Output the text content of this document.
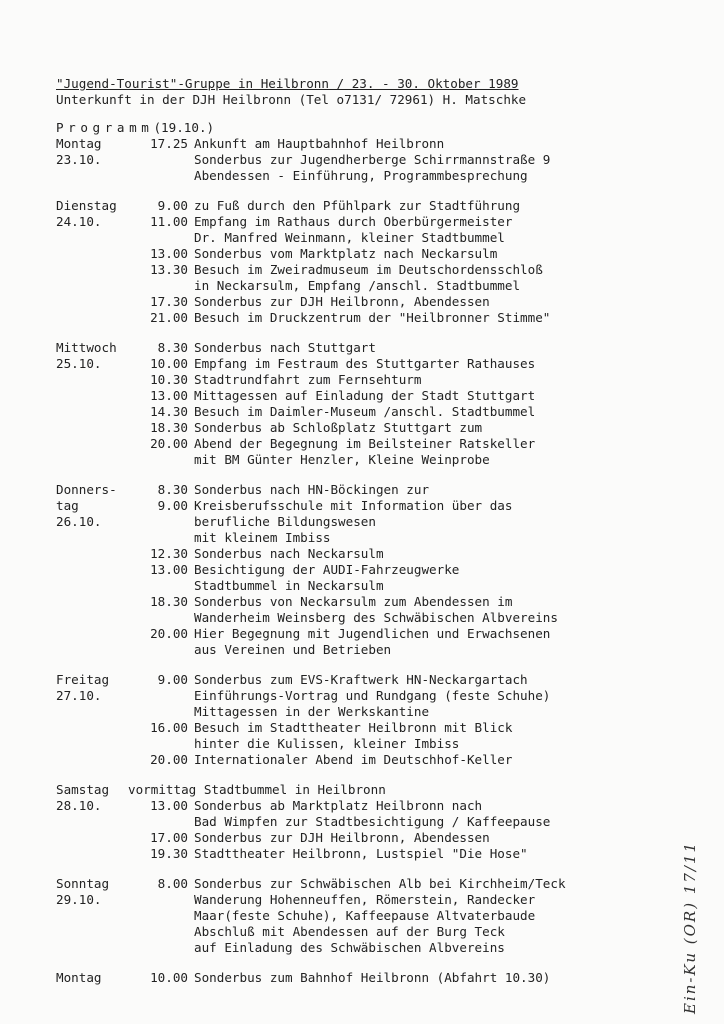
"Jugend-Tourist"-Gruppe in Heilbronn / 23. - 30. Oktober 1989
Unterkunft in der DJH Heilbronn (Tel o7131/ 72961) H. Matschke
Programm(19.10.)
Montag	17.25 Ankunft am Hauptbahnhof Heilbronn
23.10.	Sonderbus zur Jugendherberge Schirrmannstraße 9
Abendessen - Einführung, Programmbesprechung
Dienstag	9.00 zu Fuß durch den Pfühlpark zur Stadtführung
24.10.	11.00 Empfang im Rathaus durch Oberbürgermeister
Dr. Manfred Weinmann, kleiner Stadtbummel
13.00 Sonderbus vom Marktplatz nach Neckarsulm
13.30 Besuch im Zweiradmuseum im Deutschordensschloß
in Neckarsulm, Empfang /anschl. Stadtbummel
17.30 Sonderbus zur DJH Heilbronn, Abendessen
21.00 Besuch im Druckzentrum der "Heilbronner Stimme"
Mittwoch	8.30 Sonderbus nach Stuttgart
25.10.	10.00 Empfang im Festraum des Stuttgarter Rathauses
10.30 Stadtrundfahrt zum Fernsehturm
13.00 Mittagessen auf Einladung der Stadt Stuttgart
14.30 Besuch im Daimler-Museum /anschl. Stadtbummel
18.30 Sonderbus ab Schloßplatz Stuttgart zum
20.00 Abend der Begegnung im Beilsteiner Ratskeller
mit BM Günter Henzler, Kleine Weinprobe
Donners-	8.30 Sonderbus nach HN-Böckingen zur
tag	9.00 Kreisberufsschule mit Information über das
26.10.	berufliche Bildungswesen
mit kleinem Imbiss
12.30 Sonderbus nach Neckarsulm
13.00 Besichtigung der AUDI-Fahrzeugwerke
Stadtbummel in Neckarsulm
18.30 Sonderbus von Neckarsulm zum Abendessen im
Wanderheim Weinsberg des Schwäbischen Albvereins
20.00 Hier Begegnung mit Jugendlichen und Erwachsenen
aus Vereinen und Betrieben
Freitag	9.00 Sonderbus zum EVS-Kraftwerk HN-Neckargartach
27.10.	Einführungs-Vortrag und Rundgang (feste Schuhe)
Mittagessen in der Werkskantine
16.00 Besuch im Stadttheater Heilbronn mit Blick
hinter die Kulissen, kleiner Imbiss
20.00 Internationaler Abend im Deutschhof-Keller
Samstag	vormittag Stadtbummel in Heilbronn
28.10.	13.00 Sonderbus ab Marktplatz Heilbronn nach
Bad Wimpfen zur Stadtbesichtigung / Kaffeepause
17.00 Sonderbus zur DJH Heilbronn, Abendessen
19.30 Stadttheater Heilbronn, Lustspiel "Die Hose"
Sonntag	8.00 Sonderbus zur Schwäbischen Alb bei Kirchheim/Teck
29.10.	Wanderung Hohenneuffen, Römerstein, Randecker
Maar(feste Schuhe), Kaffeepause Altvaterbaude
Abschluß mit Abendessen auf der Burg Teck
auf Einladung des Schwäbischen Albvereins
Montag	10.00 Sonderbus zum Bahnhof Heilbronn (Abfahrt 10.30)	Ein-Ku (OR) 17/11
